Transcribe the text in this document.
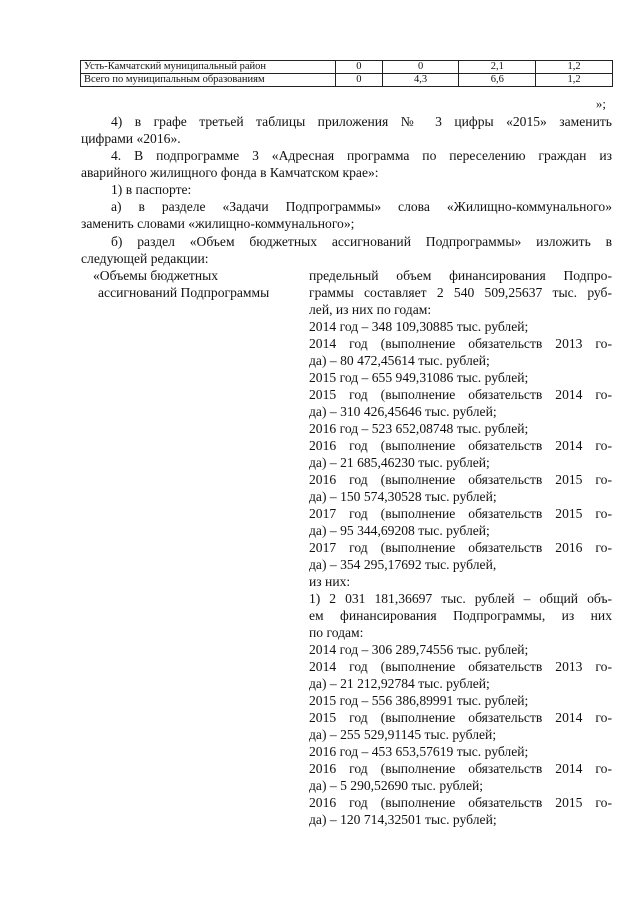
Усть-Камчатский муниципальный район	0	0	2,1	1,2
Всего по муниципальным образованиям	0	4,3	6,6	1,2
»;
4) в графе третьей таблицы приложения № 3 цифры «2015» заменить
цифрами «2016».
4. В подпрограмме 3 «Адресная программа по переселению граждан из
аварийного жилищного фонда в Камчатском крае»:
1) в паспорте:
а) в разделе «Задачи Подпрограммы» слова «Жилищно-коммунального»
заменить словами «жилищно-коммунального»;
б) раздел «Объем бюджетных ассигнований Подпрограммы» изложить в
следующей редакции:
«Объемы бюджетных
ассигнований Подпрограммы
предельный объем финансирования Подпро-
граммы составляет 2 540 509,25637 тыс. руб-
лей, из них по годам:
2014 год – 348 109,30885 тыс. рублей;
2014 год (выполнение обязательств 2013 го-
да) – 80 472,45614 тыс. рублей;
2015 год – 655 949,31086 тыс. рублей;
2015 год (выполнение обязательств 2014 го-
да) – 310 426,45646 тыс. рублей;
2016 год – 523 652,08748 тыс. рублей;
2016 год (выполнение обязательств 2014 го-
да) – 21 685,46230 тыс. рублей;
2016 год (выполнение обязательств 2015 го-
да) – 150 574,30528 тыс. рублей;
2017 год (выполнение обязательств 2015 го-
да) – 95 344,69208 тыс. рублей;
2017 год (выполнение обязательств 2016 го-
да) – 354 295,17692 тыс. рублей,
из них:
1) 2 031 181,36697 тыс. рублей – общий объ-
ем финансирования Подпрограммы, из них
по годам:
2014 год – 306 289,74556 тыс. рублей;
2014 год (выполнение обязательств 2013 го-
да) – 21 212,92784 тыс. рублей;
2015 год – 556 386,89991 тыс. рублей;
2015 год (выполнение обязательств 2014 го-
да) – 255 529,91145 тыс. рублей;
2016 год – 453 653,57619 тыс. рублей;
2016 год (выполнение обязательств 2014 го-
да) – 5 290,52690 тыс. рублей;
2016 год (выполнение обязательств 2015 го-
да) – 120 714,32501 тыс. рублей;
